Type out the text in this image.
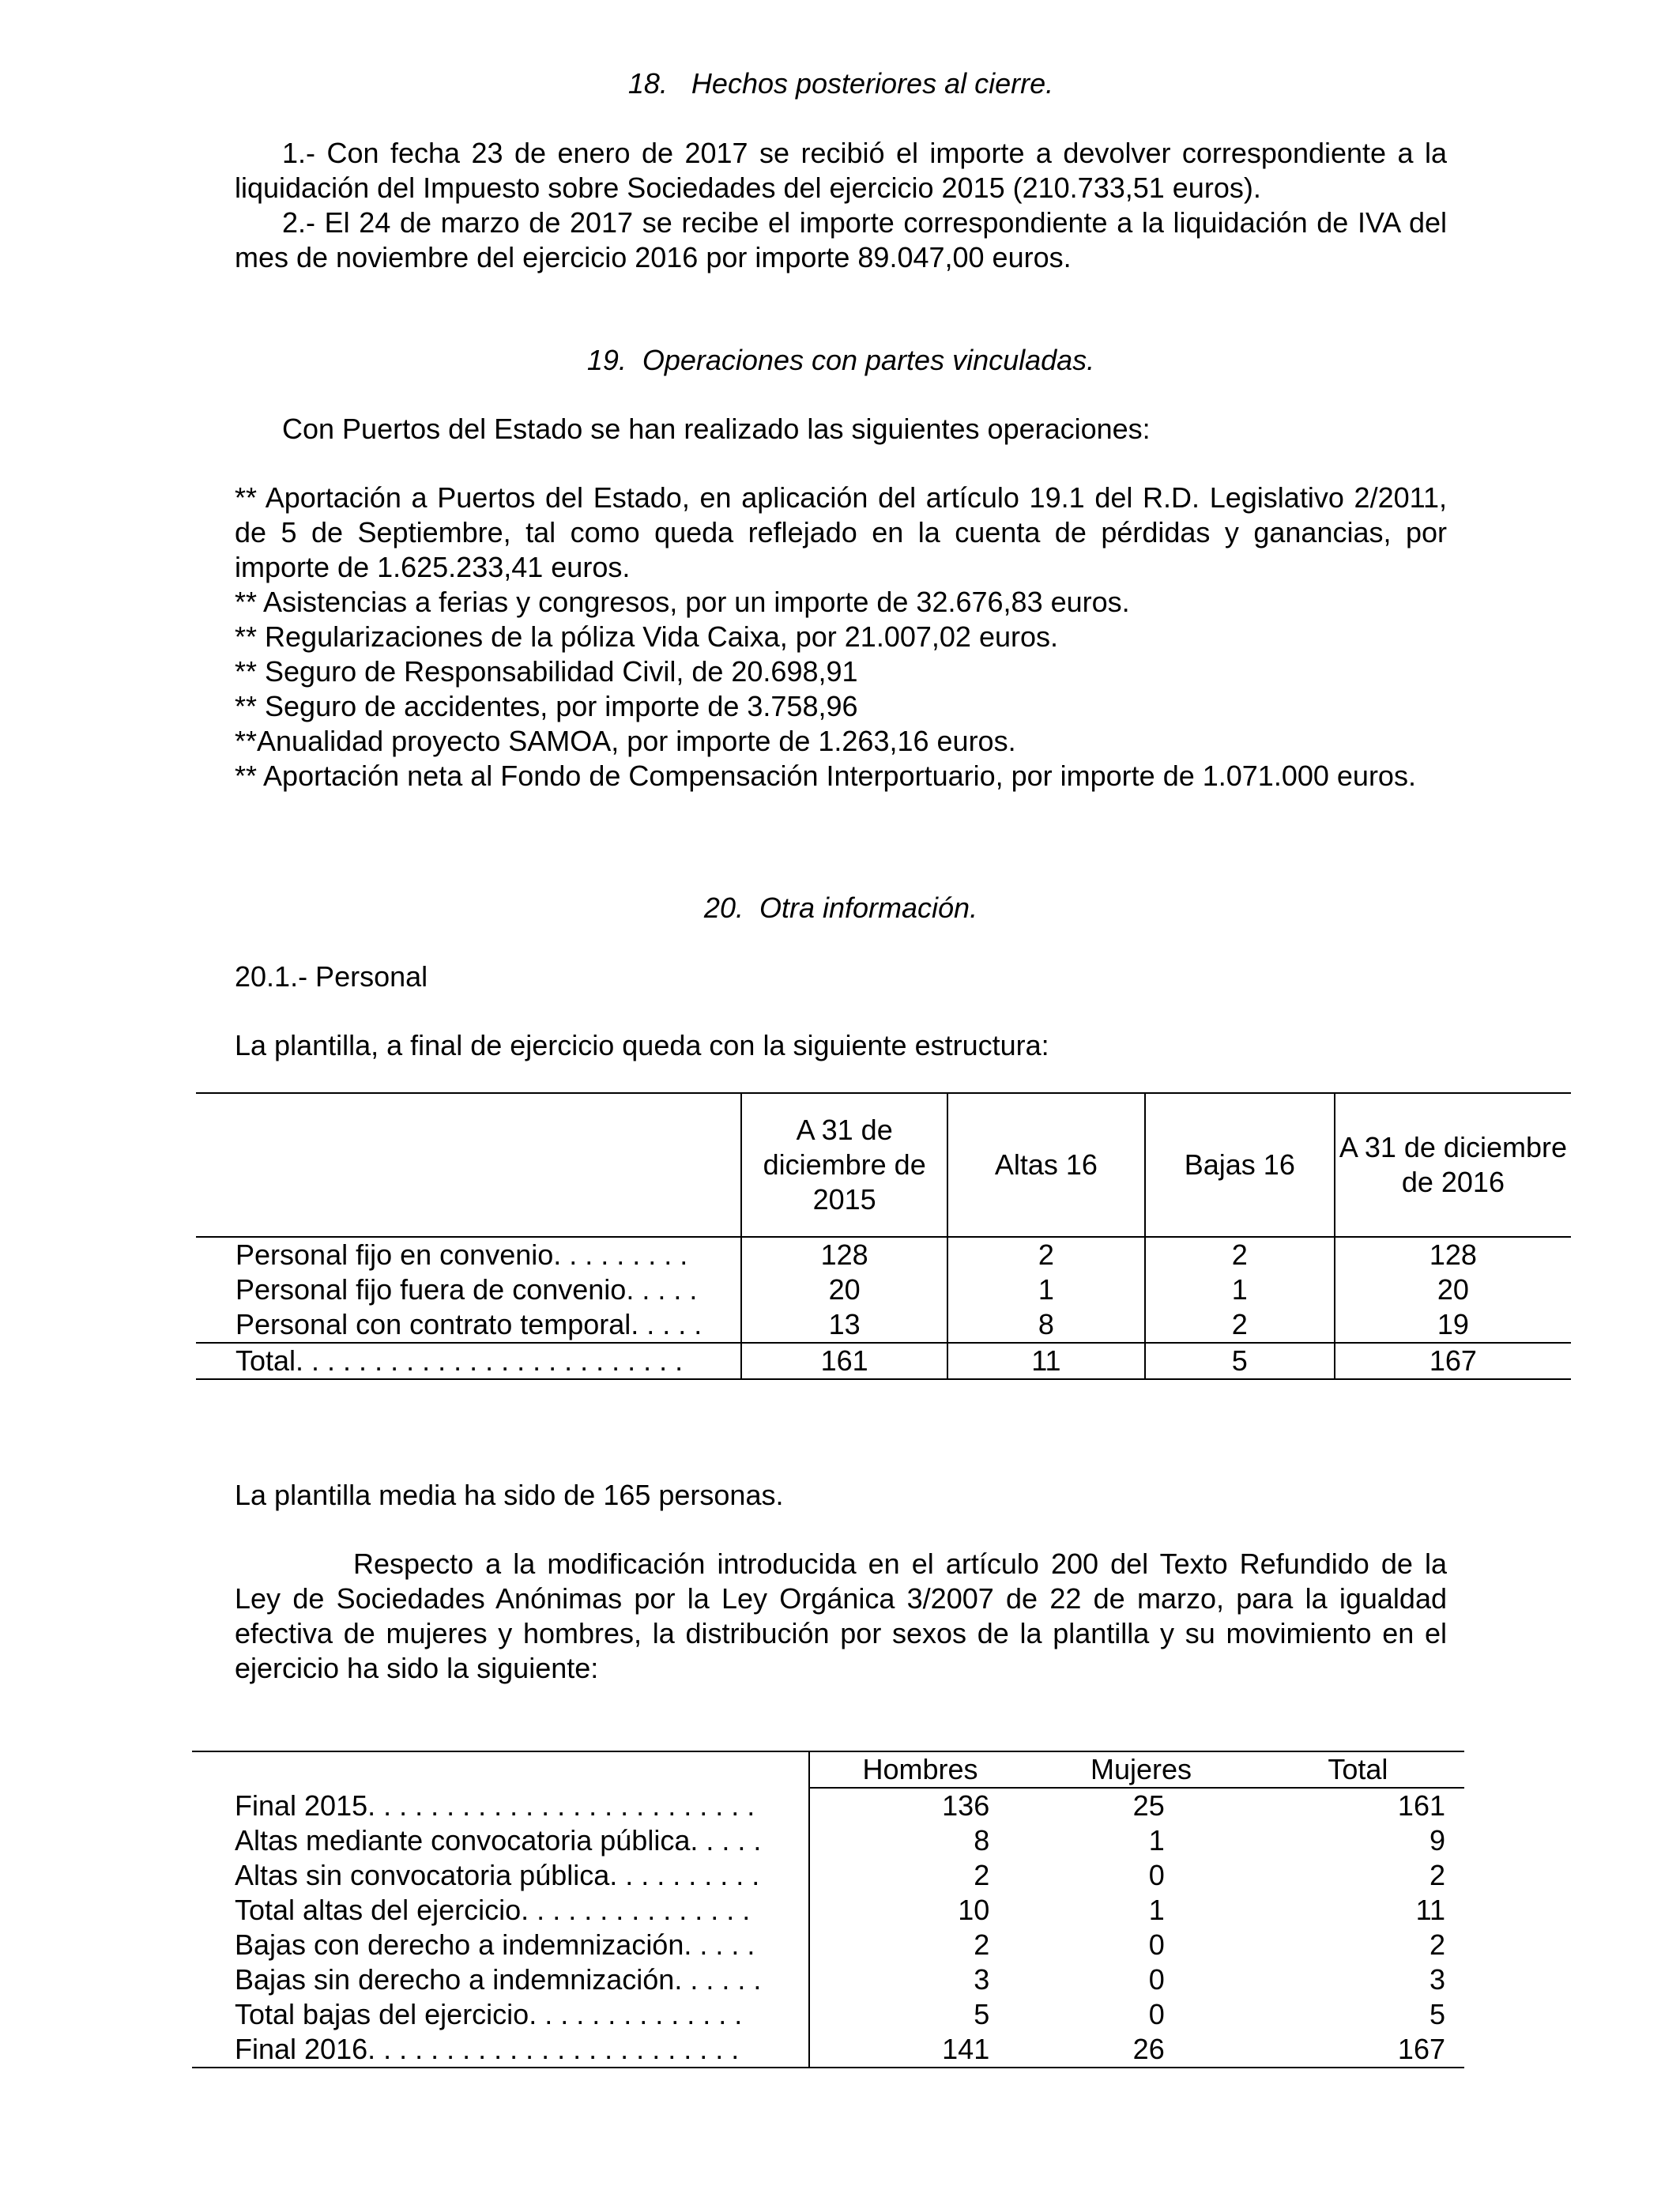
18.   Hechos posteriores al cierre.

1.- Con fecha 23 de enero de 2017 se recibió el importe a devolver correspondiente a la liquidación del Impuesto sobre Sociedades del ejercicio 2015 (210.733,51 euros).

2.- El 24 de marzo de 2017 se recibe el importe correspondiente a la liquidación de IVA del mes de noviembre del ejercicio 2016 por importe 89.047,00 euros.

19.  Operaciones con partes vinculadas.

Con Puertos del Estado se han realizado las siguientes operaciones:

** Aportación a Puertos del Estado, en aplicación del artículo 19.1 del R.D. Legislativo 2/2011, de 5 de Septiembre, tal como queda reflejado en la cuenta de pérdidas y ganancias, por importe de 1.625.233,41 euros.

** Asistencias a ferias y congresos, por un importe de 32.676,83 euros.

** Regularizaciones de la póliza Vida Caixa, por 21.007,02 euros.

** Seguro de Responsabilidad Civil, de 20.698,91

** Seguro de accidentes, por importe de 3.758,96

**Anualidad proyecto SAMOA, por importe de 1.263,16 euros.

** Aportación neta al Fondo de Compensación Interportuario, por importe de 1.071.000 euros.

20.  Otra información.

20.1.- Personal

La plantilla, a final de ejercicio queda con la siguiente estructura:

	A 31 de diciembre de 2015	Altas 16	Bajas 16	A 31 de diciembre de 2016
Personal fijo en convenio. . . . . . . . .	128	2	2	128
Personal fijo fuera de convenio. . . . .	20	1	1	20
Personal con contrato temporal. . . . .	13	8	2	19
Total. . . . . . . . . . . . . . . . . . . . . . . . .	161	11	5	167

La plantilla media ha sido de 165 personas.

Respecto a la modificación introducida en el artículo 200 del Texto Refundido de la Ley de Sociedades Anónimas por la Ley Orgánica 3/2007 de 22 de marzo, para la igualdad efectiva de mujeres y hombres, la distribución por sexos de la plantilla y su movimiento en el ejercicio ha sido la siguiente:

	Hombres	Mujeres	Total
Final 2015. . . . . . . . . . . . . . . . . . . . . . . . .	136	25	161
Altas mediante convocatoria pública. . . . .	8	1	9
Altas sin convocatoria pública. . . . . . . . . .	2	0	2
Total altas del ejercicio. . . . . . . . . . . . . . .	10	1	11
Bajas con derecho a indemnización. . . . .	2	0	2
Bajas sin derecho a indemnización. . . . . .	3	0	3
Total bajas del ejercicio. . . . . . . . . . . . . .	5	0	5
Final 2016. . . . . . . . . . . . . . . . . . . . . . . .	141	26	167
